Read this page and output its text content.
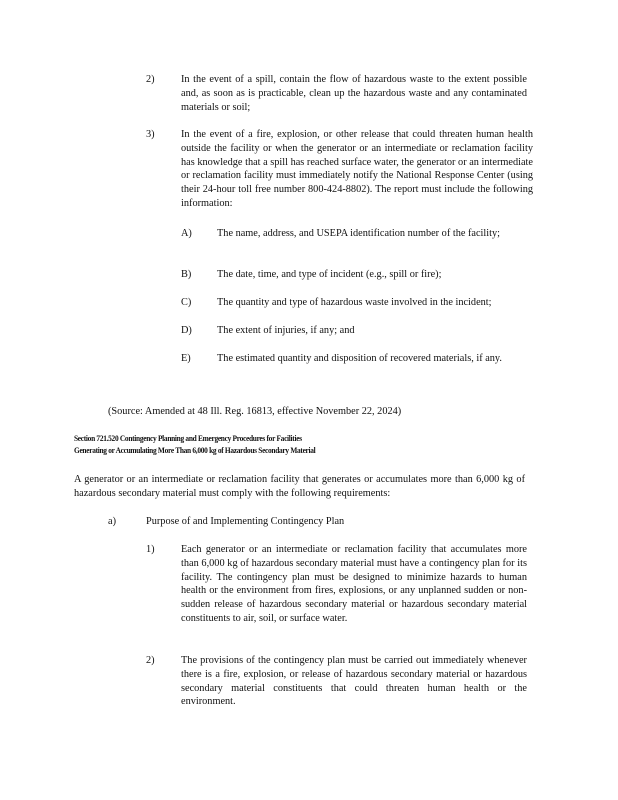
2)	In the event of a spill, contain the flow of hazardous waste to the extent possible and, as soon as is practicable, clean up the hazardous waste and any contaminated materials or soil;

3)	In the event of a fire, explosion, or other release that could threaten human health outside the facility or when the generator or an intermediate or reclamation facility has knowledge that a spill has reached surface water, the generator or an intermediate or reclamation facility must immediately notify the National Response Center (using their 24-hour toll free number 800-424-8802). The report must include the following information:

A) The name, address, and USEPA identification number of the facility;

B) The date, time, and type of incident (e.g., spill or fire);

C) The quantity and type of hazardous waste involved in the incident;

D) The extent of injuries, if any; and

E)	The estimated quantity and disposition of recovered materials, if any.

(Source: Amended at 48 Ill. Reg. 16813, effective November 22, 2024)

Section 721.520 Contingency Planning and Emergency Procedures for Facilities
Generating or Accumulating More Than 6,000 kg of Hazardous Secondary Material

A generator or an intermediate or reclamation facility that generates or accumulates more than 6,000 kg of hazardous secondary material must comply with the following requirements:

a)	Purpose of and Implementing Contingency Plan

1)	Each generator or an intermediate or reclamation facility that accumulates more than 6,000 kg of hazardous secondary material must have a contingency plan for its facility. The contingency plan must be designed to minimize hazards to human health or the environment from fires, explosions, or any unplanned sudden or non-sudden release of hazardous secondary material or hazardous secondary material constituents to air, soil, or surface water.

2)	The provisions of the contingency plan must be carried out immediately whenever there is a fire, explosion, or release of hazardous secondary material or hazardous secondary material constituents that could threaten human health or the environment.
